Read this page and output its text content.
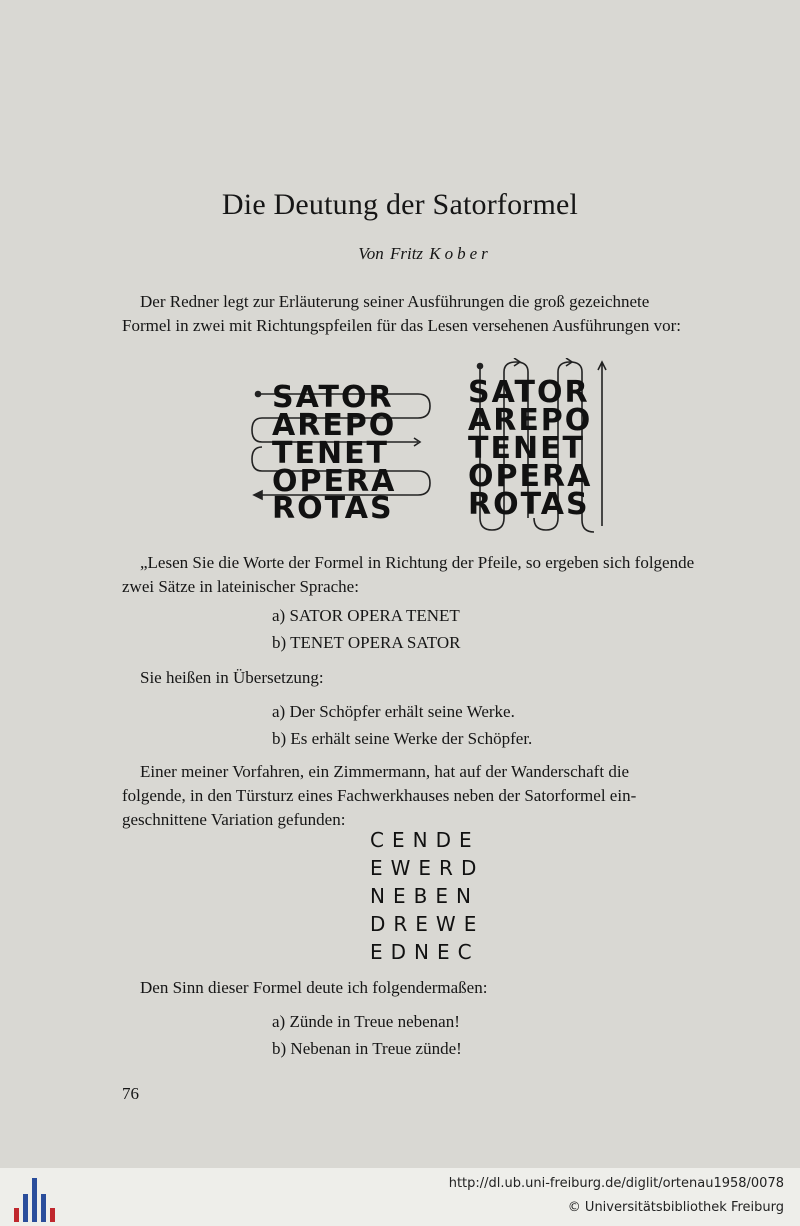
Die Deutung der Satorformel
Von Fritz Kober
Der Redner legt zur Erläuterung seiner Ausführungen die groß gezeichnete
Formel in zwei mit Richtungspfeilen für das Lesen versehenen Ausführungen vor:
SATOR
AREPO
TENET
OPERA
ROTAS
SATOR
AREPO
TENET
OPERA
ROTAS
„Lesen Sie die Worte der Formel in Richtung der Pfeile, so ergeben sich folgende
zwei Sätze in lateinischer Sprache:
a) SATOR OPERA TENET
b) TENET OPERA SATOR
Sie heißen in Übersetzung:
a) Der Schöpfer erhält seine Werke.
b) Es erhält seine Werke der Schöpfer.
Einer meiner Vorfahren, ein Zimmermann, hat auf der Wanderschaft die
folgende, in den Türsturz eines Fachwerkhauses neben der Satorformel ein-
geschnittene Variation gefunden:
CENDE
EWERD
NEBEN
DREWE
EDNEC
Den Sinn dieser Formel deute ich folgendermaßen:
a) Zünde in Treue nebenan!
b) Nebenan in Treue zünde!
76
http://dl.ub.uni-freiburg.de/diglit/ortenau1958/0078
© Universitätsbibliothek Freiburg
